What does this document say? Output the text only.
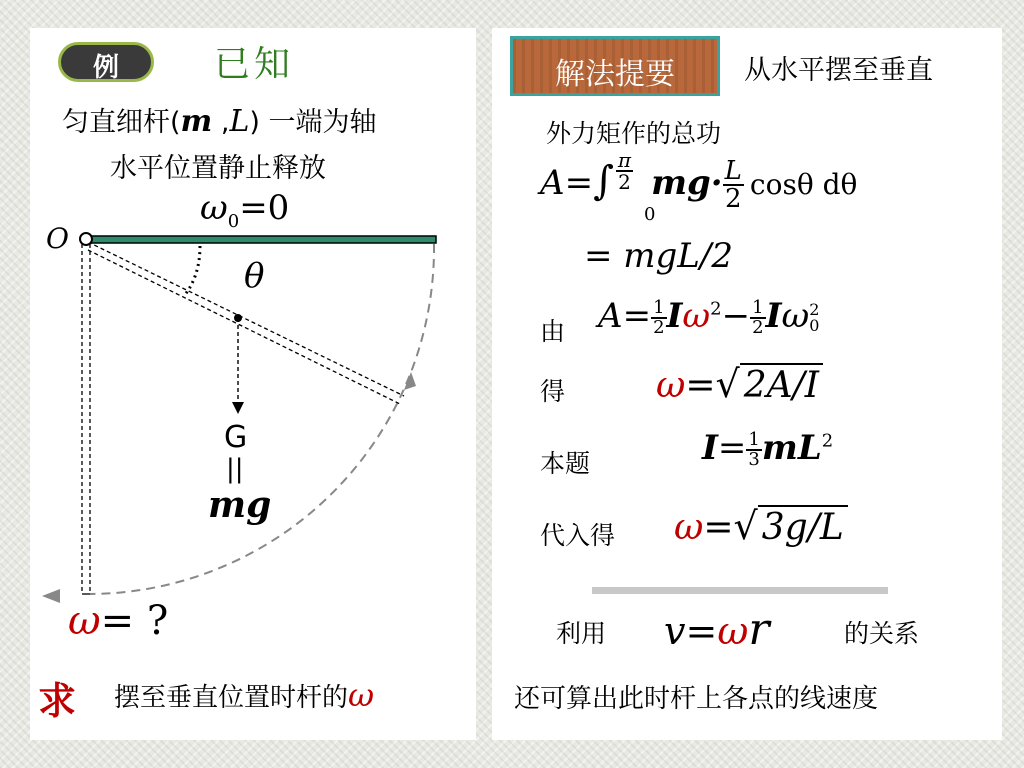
例	已知
匀直细杆(m ,L) 一端为轴
水平位置静止释放
$\omega_0=0$
O
θ
G
||
mg
ω= ?
求 摆至垂直位置时杆的ω
解法提要	从水平摆至垂直
外力矩作的总功
$A=\int \frac{\pi}{2}$
0
$mg\cdot \frac{L}{2}$ cosθ dθ
= mgL/2
由 $A= \frac{1}{2} I\omega^2- \frac{1}{2}$ Iω 2
0
得	ω=√ 2A/I
本题	$I= \frac{1}{3} mL^2$
代入得 ω=√ 3g/L
利用 v=ωr	的关系
还可算出此时杆上各点的线速度
